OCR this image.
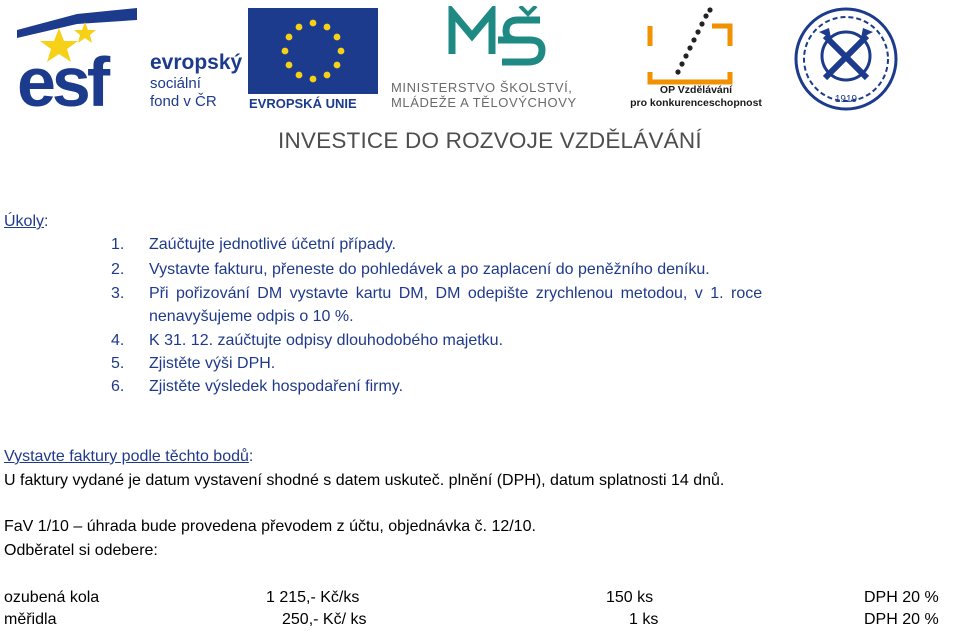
esf evropský
sociální
fond v ČR EVROPSKÁ UNIE
MINISTERSTVO ŠKOLSTVÍ,
MLÁDEŽE A TĚLOVÝCHOVY
OP Vzdělávání
pro konkurenceschopnost	1919
INVESTICE DO ROZVOJE VZDĚLÁVÁNÍ
Úkoly:
1. Zaúčtujte jednotlivé účetní případy.
2. Vystavte fakturu, přeneste do pohledávek a po zaplacení do peněžního deníku.
3. Při pořizování DM vystavte kartu DM, DM odepište zrychlenou metodou, v 1. roce
nenavyšujeme odpis o 10 %.
4. K 31. 12. zaúčtujte odpisy dlouhodobého majetku.
5. Zjistěte výši DPH.
6. Zjistěte výsledek hospodaření firmy.
Vystavte faktury podle těchto bodů:
U faktury vydané je datum vystavení shodné s datem uskuteč. plnění (DPH), datum splatnosti 14 dnů.
FaV 1/10 – úhrada bude provedena převodem z účtu, objednávka č. 12/10.
Odběratel si odebere:
ozubená kola	1 215,- Kč/ks	150 ks	DPH 20 %
měřidla	250,- Kč/ ks	1 ks	DPH 20 %
